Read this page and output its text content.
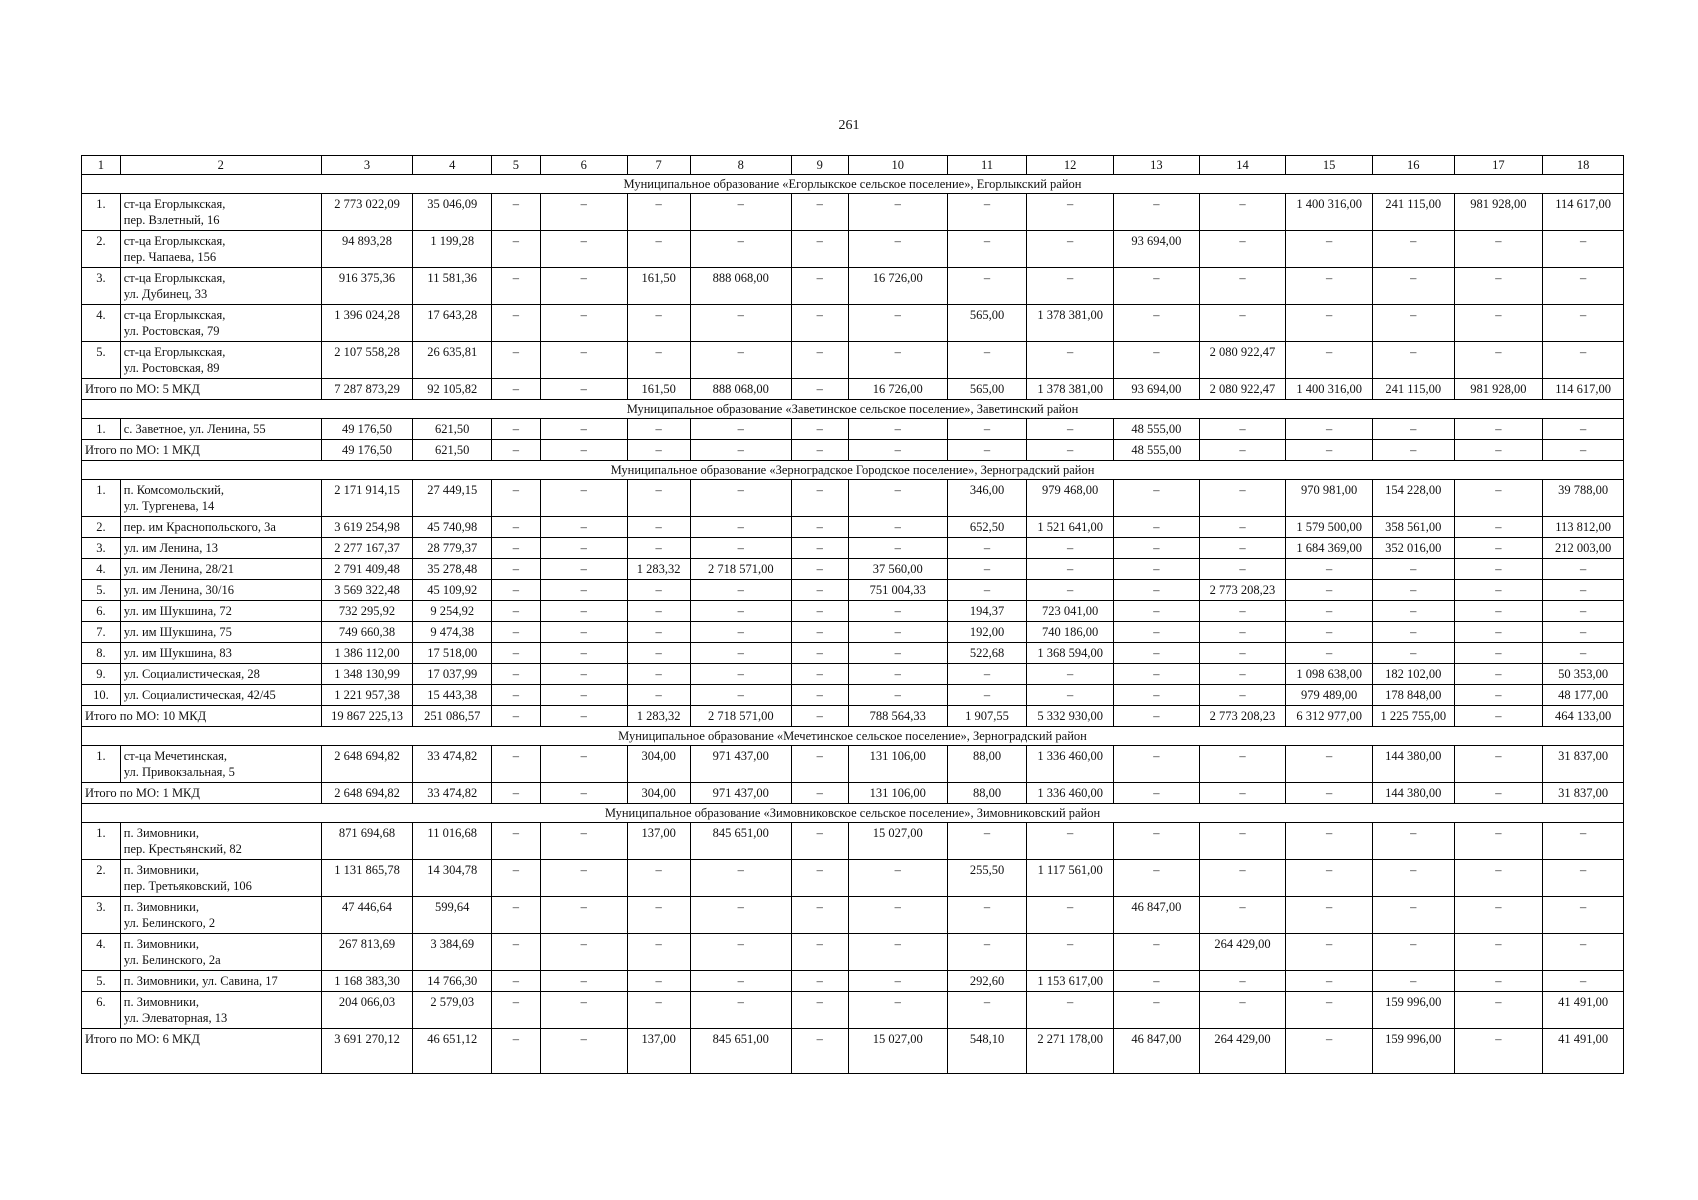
261
1	2	3	4	5	6	7	8	9	10	11	12	13	14	15	16	17	18
Муниципальное образование «Егорлыкское сельское поселение», Егорлыкский район																	
1.	ст-ца Егорлыкская,
пер. Взлетный, 16	2 773 022,09	35 046,09	–	–	–	–	–	–	–	–	–	–	1 400 316,00	241 115,00	981 928,00	114 617,00
2.	ст-ца Егорлыкская,
пер. Чапаева, 156	94 893,28	1 199,28	–	–	–	–	–	–	–	–	93 694,00	–	–	–	–	–
3.	ст-ца Егорлыкская,
ул. Дубинец, 33	916 375,36	11 581,36	–	–	161,50	888 068,00	–	16 726,00	–	–	–	–	–	–	–	–
4.	ст-ца Егорлыкская,
ул. Ростовская, 79	1 396 024,28	17 643,28	–	–	–	–	–	–	565,00	1 378 381,00	–	–	–	–	–	–
5.	ст-ца Егорлыкская,
ул. Ростовская, 89	2 107 558,28	26 635,81	–	–	–	–	–	–	–	–	–	2 080 922,47	–	–	–	–
Итого по МО: 5 МКД		7 287 873,29	92 105,82	–	–	161,50	888 068,00	–	16 726,00	565,00	1 378 381,00	93 694,00	2 080 922,47	1 400 316,00	241 115,00	981 928,00	114 617,00
Муниципальное образование «Заветинское сельское поселение», Заветинский район																	
1.	с. Заветное, ул. Ленина, 55	49 176,50	621,50	–	–	–	–	–	–	–	–	48 555,00	–	–	–	–	–
Итого по МО: 1 МКД		49 176,50	621,50	–	–	–	–	–	–	–	–	48 555,00	–	–	–	–	–
Муниципальное образование «Зерноградское Городское поселение», Зерноградский район																	
1.	п. Комсомольский,
ул. Тургенева, 14	2 171 914,15	27 449,15	–	–	–	–	–	–	346,00	979 468,00	–	–	970 981,00	154 228,00	–	39 788,00
2.	пер. им Краснопольского, 3а	3 619 254,98	45 740,98	–	–	–	–	–	–	652,50	1 521 641,00	–	–	1 579 500,00	358 561,00	–	113 812,00
3.	ул. им Ленина, 13	2 277 167,37	28 779,37	–	–	–	–	–	–	–	–	–	–	1 684 369,00	352 016,00	–	212 003,00
4.	ул. им Ленина, 28/21	2 791 409,48	35 278,48	–	–	1 283,32	2 718 571,00	–	37 560,00	–	–	–	–	–	–	–	–
5.	ул. им Ленина, 30/16	3 569 322,48	45 109,92	–	–	–	–	–	751 004,33	–	–	–	2 773 208,23	–	–	–	–
6.	ул. им Шукшина, 72	732 295,92	9 254,92	–	–	–	–	–	–	194,37	723 041,00	–	–	–	–	–	–
7.	ул. им Шукшина, 75	749 660,38	9 474,38	–	–	–	–	–	–	192,00	740 186,00	–	–	–	–	–	–
8.	ул. им Шукшина, 83	1 386 112,00	17 518,00	–	–	–	–	–	–	522,68	1 368 594,00	–	–	–	–	–	–
9.	ул. Социалистическая, 28	1 348 130,99	17 037,99	–	–	–	–	–	–	–	–	–	–	1 098 638,00	182 102,00	–	50 353,00
10.	ул. Социалистическая, 42/45	1 221 957,38	15 443,38	–	–	–	–	–	–	–	–	–	–	979 489,00	178 848,00	–	48 177,00
Итого по МО: 10 МКД		19 867 225,13	251 086,57	–	–	1 283,32	2 718 571,00	–	788 564,33	1 907,55	5 332 930,00	–	2 773 208,23	6 312 977,00	1 225 755,00	–	464 133,00
Муниципальное образование «Мечетинское сельское поселение», Зерноградский район																	
1.	ст-ца Мечетинская,
ул. Привокзальная, 5	2 648 694,82	33 474,82	–	–	304,00	971 437,00	–	131 106,00	88,00	1 336 460,00	–	–	–	144 380,00	–	31 837,00
Итого по МО: 1 МКД		2 648 694,82	33 474,82	–	–	304,00	971 437,00	–	131 106,00	88,00	1 336 460,00	–	–	–	144 380,00	–	31 837,00
Муниципальное образование «Зимовниковское сельское поселение», Зимовниковский район																	
1.	п. Зимовники,
пер. Крестьянский, 82	871 694,68	11 016,68	–	–	137,00	845 651,00	–	15 027,00	–	–	–	–	–	–	–	–
2.	п. Зимовники,
пер. Третьяковский, 106	1 131 865,78	14 304,78	–	–	–	–	–	–	255,50	1 117 561,00	–	–	–	–	–	–
3.	п. Зимовники,
ул. Белинского, 2	47 446,64	599,64	–	–	–	–	–	–	–	–	46 847,00	–	–	–	–	–
4.	п. Зимовники,
ул. Белинского, 2а	267 813,69	3 384,69	–	–	–	–	–	–	–	–	–	264 429,00	–	–	–	–
5.	п. Зимовники, ул. Савина, 17	1 168 383,30	14 766,30	–	–	–	–	–	–	292,60	1 153 617,00	–	–	–	–	–	–
6.	п. Зимовники,
ул. Элеваторная, 13	204 066,03	2 579,03	–	–	–	–	–	–	–	–	–	–	–	159 996,00	–	41 491,00
Итого по МО: 6 МКД		3 691 270,12	46 651,12	–	–	137,00	845 651,00	–	15 027,00	548,10	2 271 178,00	46 847,00	264 429,00	–	159 996,00	–	41 491,00
